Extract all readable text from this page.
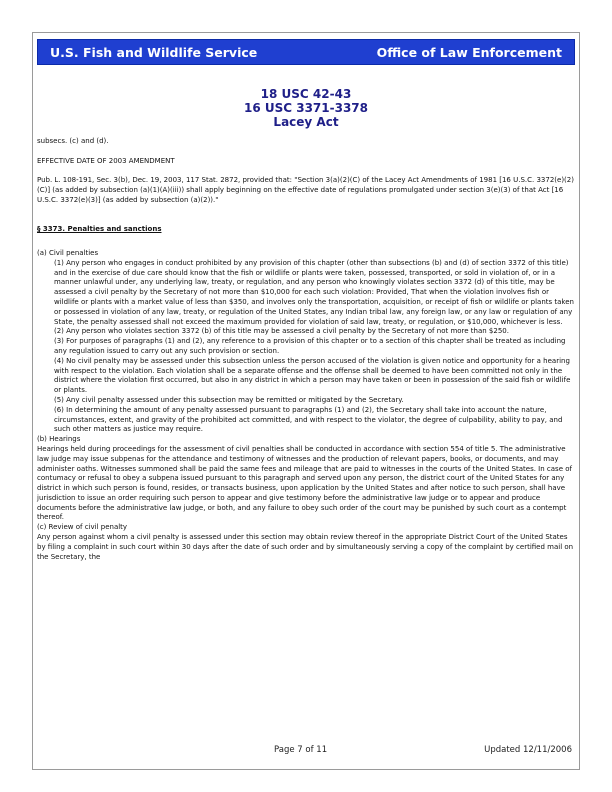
U.S. Fish and Wildlife Service	Office of Law Enforcement
18 USC 42-43
16 USC 3371-3378
Lacey Act

subsecs. (c) and (d).

EFFECTIVE DATE OF 2003 AMENDMENT

Pub. L. 108-191, Sec. 3(b), Dec. 19, 2003, 117 Stat. 2872, provided that: "Section 3(a)(2)(C) of the Lacey Act Amendments of 1981 [16 U.S.C. 3372(e)(2)(C)] (as added by subsection (a)(1)(A)(iii)) shall apply beginning on the effective date of regulations promulgated under section 3(e)(3) of that Act [16 U.S.C. 3372(e)(3)] (as added by subsection (a)(2))."

§ 3373. Penalties and sanctions

(a) Civil penalties

(1) Any person who engages in conduct prohibited by any provision of this chapter (other than subsections (b) and (d) of section 3372 of this title) and in the exercise of due care should know that the fish or wildlife or plants were taken, possessed, transported, or sold in violation of, or in a manner unlawful under, any underlying law, treaty, or regulation, and any person who knowingly violates section 3372 (d) of this title, may be assessed a civil penalty by the Secretary of not more than $10,000 for each such violation: Provided, That when the violation involves fish or wildlife or plants with a market value of less than $350, and involves only the transportation, acquisition, or receipt of fish or wildlife or plants taken or possessed in violation of any law, treaty, or regulation of the United States, any Indian tribal law, any foreign law, or any law or regulation of any State, the penalty assessed shall not exceed the maximum provided for violation of said law, treaty, or regulation, or $10,000, whichever is less.

(2) Any person who violates section 3372 (b) of this title may be assessed a civil penalty by the Secretary of not more than $250.

(3) For purposes of paragraphs (1) and (2), any reference to a provision of this chapter or to a section of this chapter shall be treated as including any regulation issued to carry out any such provision or section.

(4) No civil penalty may be assessed under this subsection unless the person accused of the violation is given notice and opportunity for a hearing with respect to the violation. Each violation shall be a separate offense and the offense shall be deemed to have been committed not only in the district where the violation first occurred, but also in any district in which a person may have taken or been in possession of the said fish or wildlife or plants.

(5) Any civil penalty assessed under this subsection may be remitted or mitigated by the Secretary.

(6) In determining the amount of any penalty assessed pursuant to paragraphs (1) and (2), the Secretary shall take into account the nature, circumstances, extent, and gravity of the prohibited act committed, and with respect to the violator, the degree of culpability, ability to pay, and such other matters as justice may require.

(b) Hearings

Hearings held during proceedings for the assessment of civil penalties shall be conducted in accordance with section 554 of title 5. The administrative law judge may issue subpenas for the attendance and testimony of witnesses and the production of relevant papers, books, or documents, and may administer oaths. Witnesses summoned shall be paid the same fees and mileage that are paid to witnesses in the courts of the United States. In case of contumacy or refusal to obey a subpena issued pursuant to this paragraph and served upon any person, the district court of the United States for any district in which such person is found, resides, or transacts business, upon application by the United States and after notice to such person, shall have jurisdiction to issue an order requiring such person to appear and give testimony before the administrative law judge or to appear and produce documents before the administrative law judge, or both, and any failure to obey such order of the court may be punished by such court as a contempt thereof.

(c) Review of civil penalty

Any person against whom a civil penalty is assessed under this section may obtain review thereof in the appropriate District Court of the United States by filing a complaint in such court within 30 days after the date of such order and by simultaneously serving a copy of the complaint by certified mail on the Secretary, the

Page 7 of 11	Updated 12/11/2006
